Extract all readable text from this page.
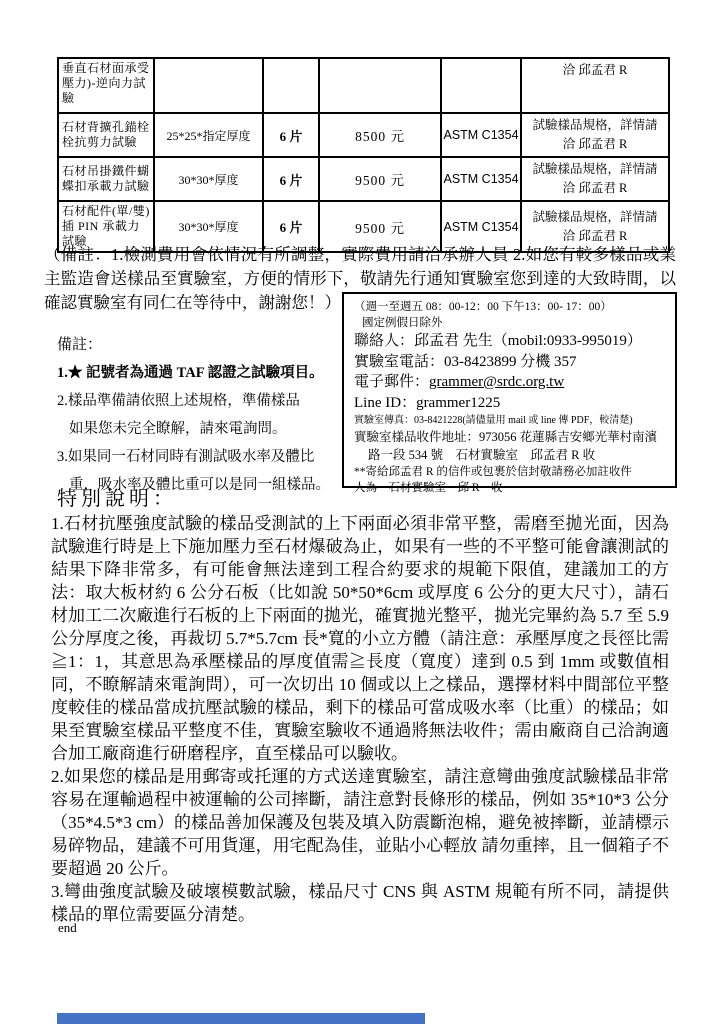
垂直石材面承受壓力)-逆向力試驗					洽 邱孟君 R

石材背擴孔錨栓栓抗剪力試驗	25*25*指定厚度	6 片	8500 元	ASTM C1354	試驗樣品規格，詳情請
洽 邱孟君 R

石材吊掛鐵件蝴蝶扣承載力試驗	30*30*厚度	6 片	9500 元	ASTM C1354	試驗樣品規格，詳情請
洽 邱孟君 R

石材配件(單/雙)插 PIN 承載力試驗	30*30*厚度	6 片	9500 元	ASTM C1354	試驗樣品規格，詳情請
洽 邱孟君 R
（備註：1.檢測費用會依情況有所調整，實際費用請洽承辦人員 2.如您有較多樣品或業主監造會送樣品至實驗室，方便的情形下，敬請先行通知實驗室您到達的大致時間，以確認實驗室有同仁在等待中，謝謝您！）
備註：
1.★ 記號者為通過 TAF 認證之試驗項目。
2.樣品準備請依照上述規格，準備樣品
如果您未完全瞭解，請來電詢問。
3.如果同一石材同時有測試吸水率及體比
重，吸水率及體比重可以是同一組樣品。
（週一至週五 08：00-12：00 下午13：00- 17：00）
國定例假日除外
聯絡人：邱孟君 先生（mobil:0933-995019）
實驗室電話：03-8423899 分機 357
電子郵件：grammer@srdc.org.tw
Line ID：grammer1225
實驗室傳真：03-8421228(請儘量用 mail 或 line 傳 PDF，較清楚)
實驗室樣品收件地址：973056 花蓮縣吉安鄉光華村南濱
路一段 534 號　石材實驗室　邱孟君 R 收
**寄給邱孟君 R 的信件或包裹於信封敬請務必加註收件
人為　石材實驗室　邱 R　收
特別說明：

1.石材抗壓強度試驗的樣品受測試的上下兩面必須非常平整，需磨至拋光面，因為試驗進行時是上下施加壓力至石材爆破為止，如果有一些的不平整可能會讓測試的結果下降非常多，有可能會無法達到工程合約要求的規範下限值，建議加工的方法：取大板材約 6 公分石板（比如說 50*50*6cm 或厚度 6 公分的更大尺寸），請石材加工二次廠進行石板的上下兩面的拋光，確實拋光整平，拋光完畢約為 5.7 至 5.9 公分厚度之後，再裁切 5.7*5.7cm 長*寬的小立方體（請注意：承壓厚度之長徑比需≧1：1，其意思為承壓樣品的厚度值需≧長度（寬度）達到 0.5 到 1mm 或數值相同，不瞭解請來電詢問），可一次切出 10 個或以上之樣品，選擇材料中間部位平整度較佳的樣品當成抗壓試驗的樣品，剩下的樣品可當成吸水率（比重）的樣品；如果至實驗室樣品平整度不佳，實驗室驗收不通過將無法收件；需由廠商自己洽詢適合加工廠商進行研磨程序，直至樣品可以驗收。

2.如果您的樣品是用郵寄或托運的方式送達實驗室，請注意彎曲強度試驗樣品非常容易在運輸過程中被運輸的公司摔斷，請注意對長條形的樣品，例如 35*10*3 公分（35*4.5*3 cm）的樣品善加保護及包裝及填入防震斷泡棉，避免被摔斷，並請標示易碎物品，建議不可用貨運，用宅配為佳，並貼小心輕放 請勿重摔，且一個箱子不要超過 20 公斤。

3.彎曲強度試驗及破壞模數試驗，樣品尺寸 CNS 與 ASTM 規範有所不同，請提供樣品的單位需要區分清楚。

end
